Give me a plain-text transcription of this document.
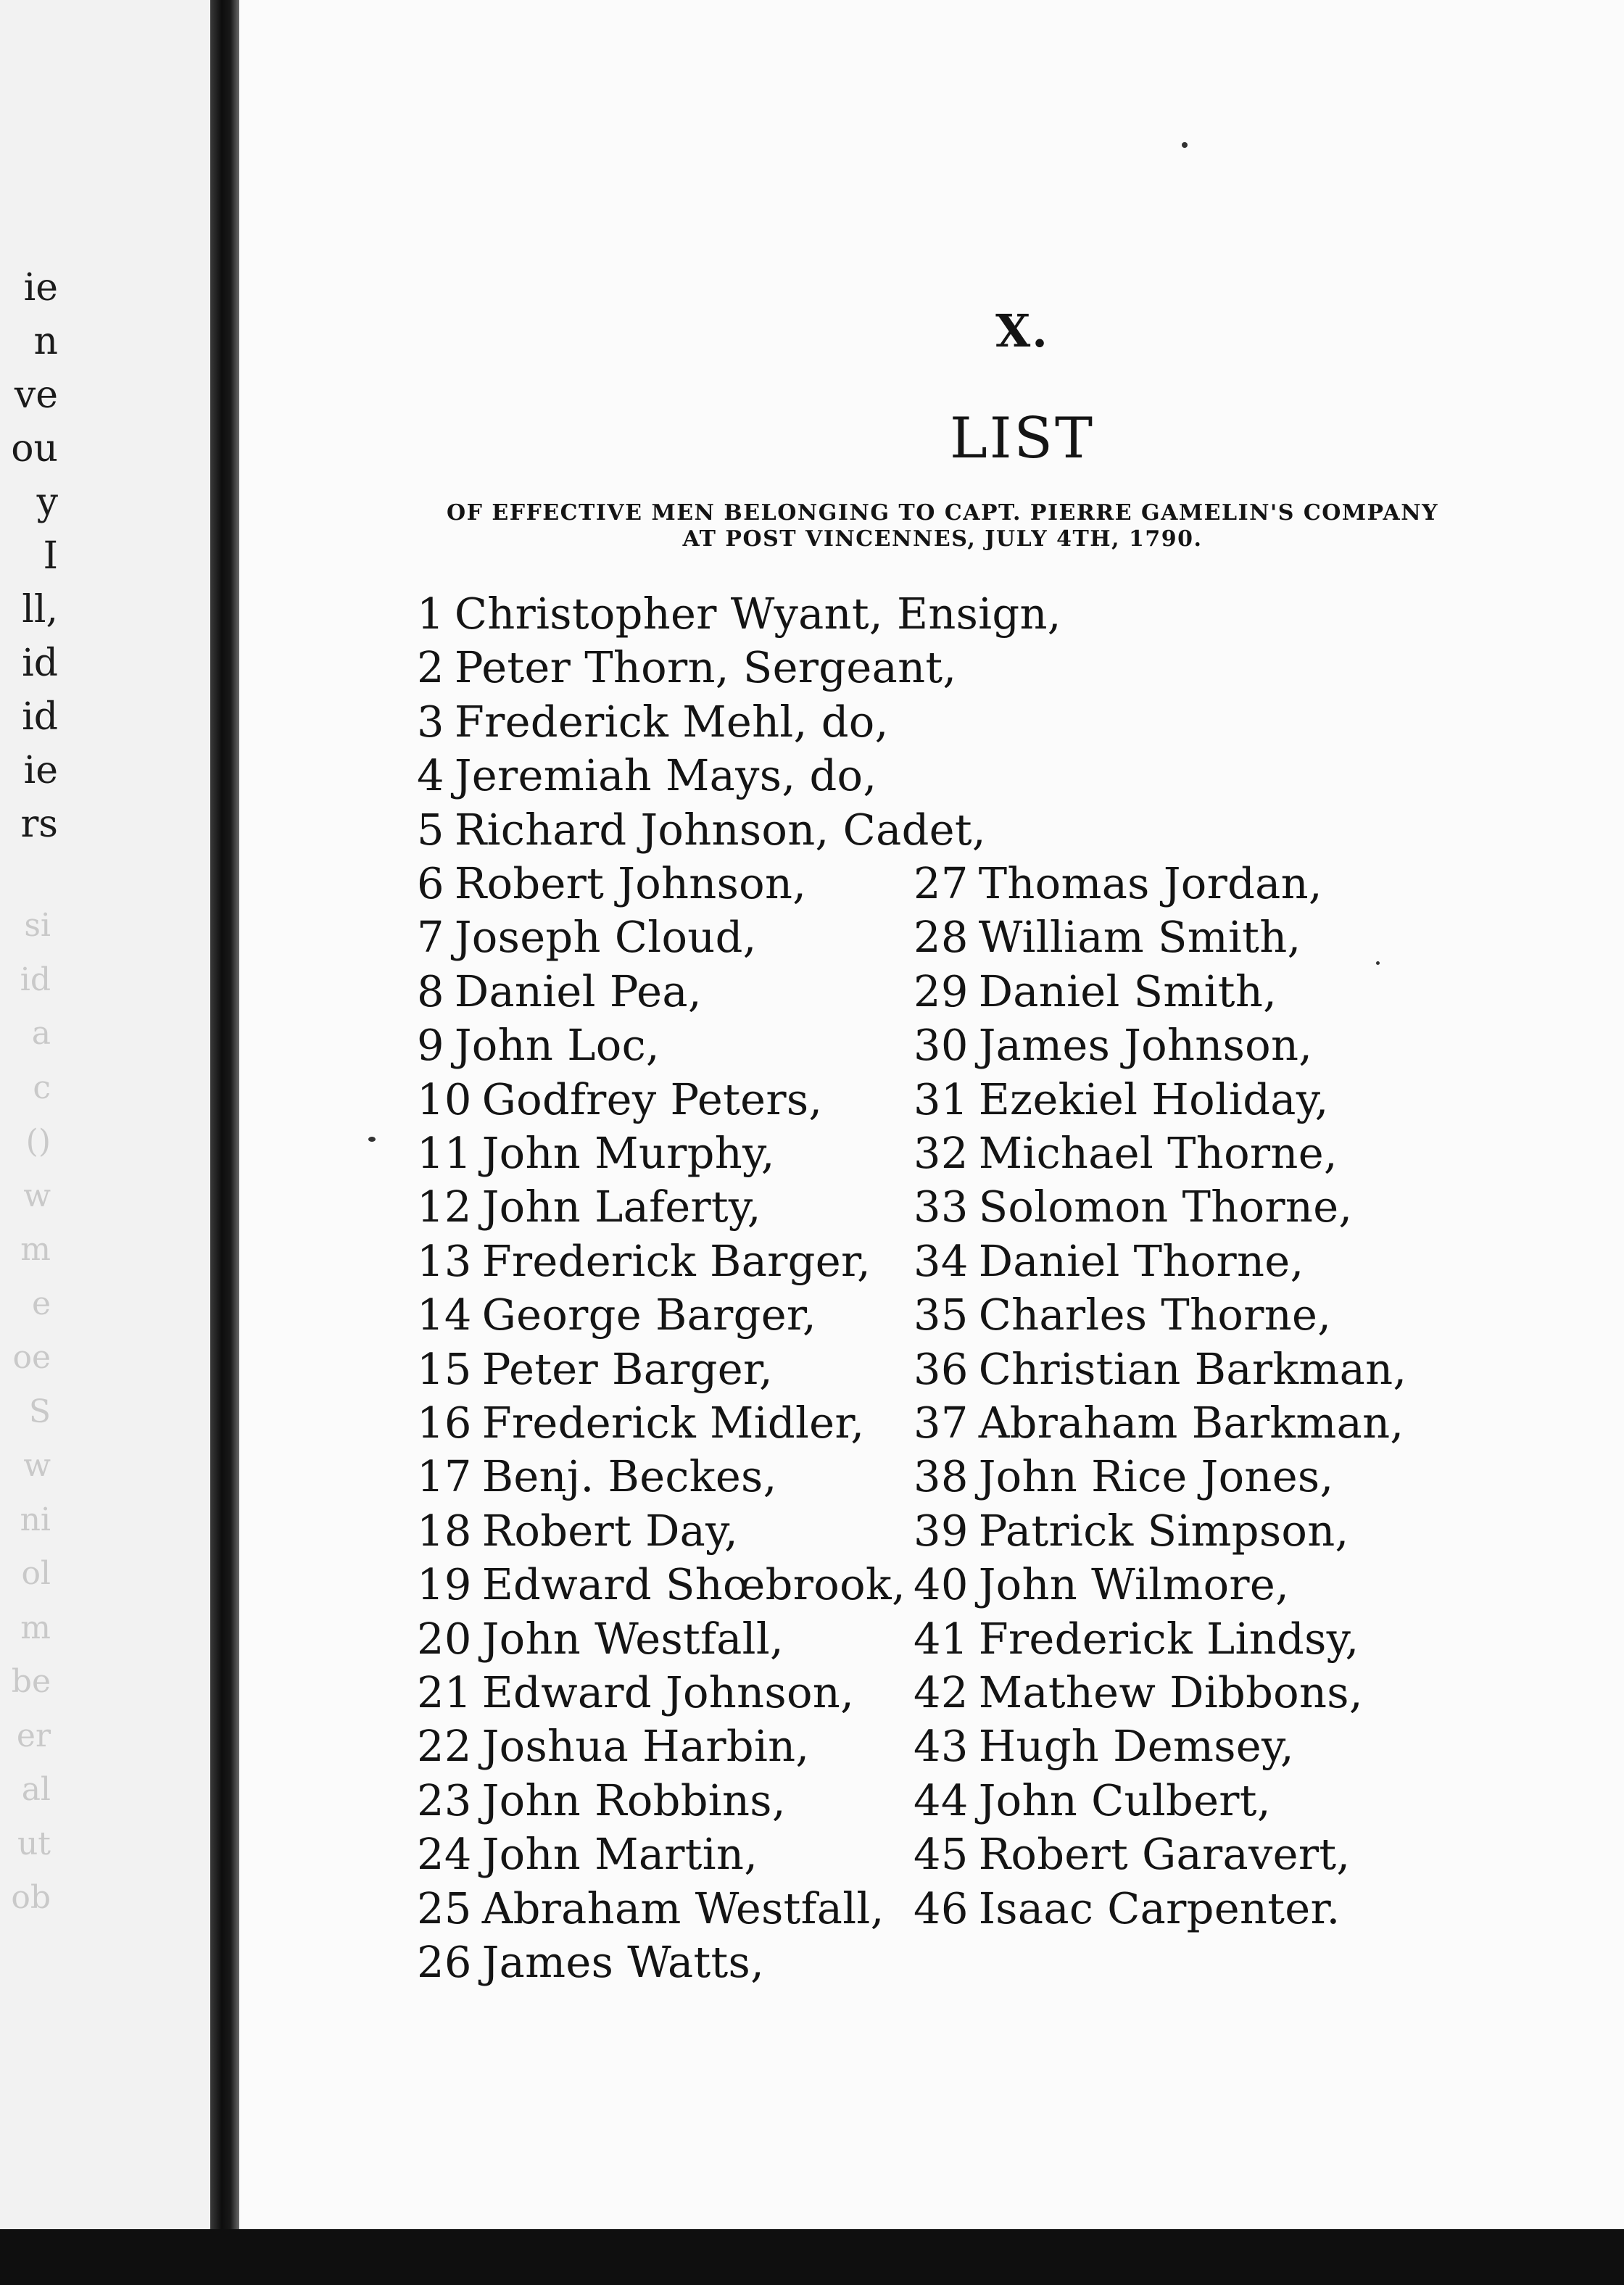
ie
n
ve
ou
y
I
ll,
id
id
ie
rs
si
id
a
c
()
w
m
e
oe
S
w
ni
ol
m
be
er
al
ut
ob
X.
LIST
OF EFFECTIVE MEN BELONGING TO CAPT. PIERRE GAMELIN'S COMPANY
AT POST VINCENNES, JULY 4TH, 1790.
1 Christopher Wyant, Ensign,
2 Peter Thorn, Sergeant,
3 Frederick Mehl, do,
4 Jeremiah Mays, do,
5 Richard Johnson, Cadet,
6 Robert Johnson,
7 Joseph Cloud,
8 Daniel Pea,
9 John Loc,
10 Godfrey Peters,
11 John Murphy,
12 John Laferty,
13 Frederick Barger,
14 George Barger,
15 Peter Barger,
16 Frederick Midler,
17 Benj. Beckes,
18 Robert Day,
19 Edward Shœbrook,
20 John Westfall,
21 Edward Johnson,
22 Joshua Harbin,
23 John Robbins,
24 John Martin,
25 Abraham Westfall,
26 James Watts,
27 Thomas Jordan,
28 William Smith,
29 Daniel Smith,
30 James Johnson,
31 Ezekiel Holiday,
32 Michael Thorne,
33 Solomon Thorne,
34 Daniel Thorne,
35 Charles Thorne,
36 Christian Barkman,
37 Abraham Barkman,
38 John Rice Jones,
39 Patrick Simpson,
40 John Wilmore,
41 Frederick Lindsy,
42 Mathew Dibbons,
43 Hugh Demsey,
44 John Culbert,
45 Robert Garavert,
46 Isaac Carpenter.
